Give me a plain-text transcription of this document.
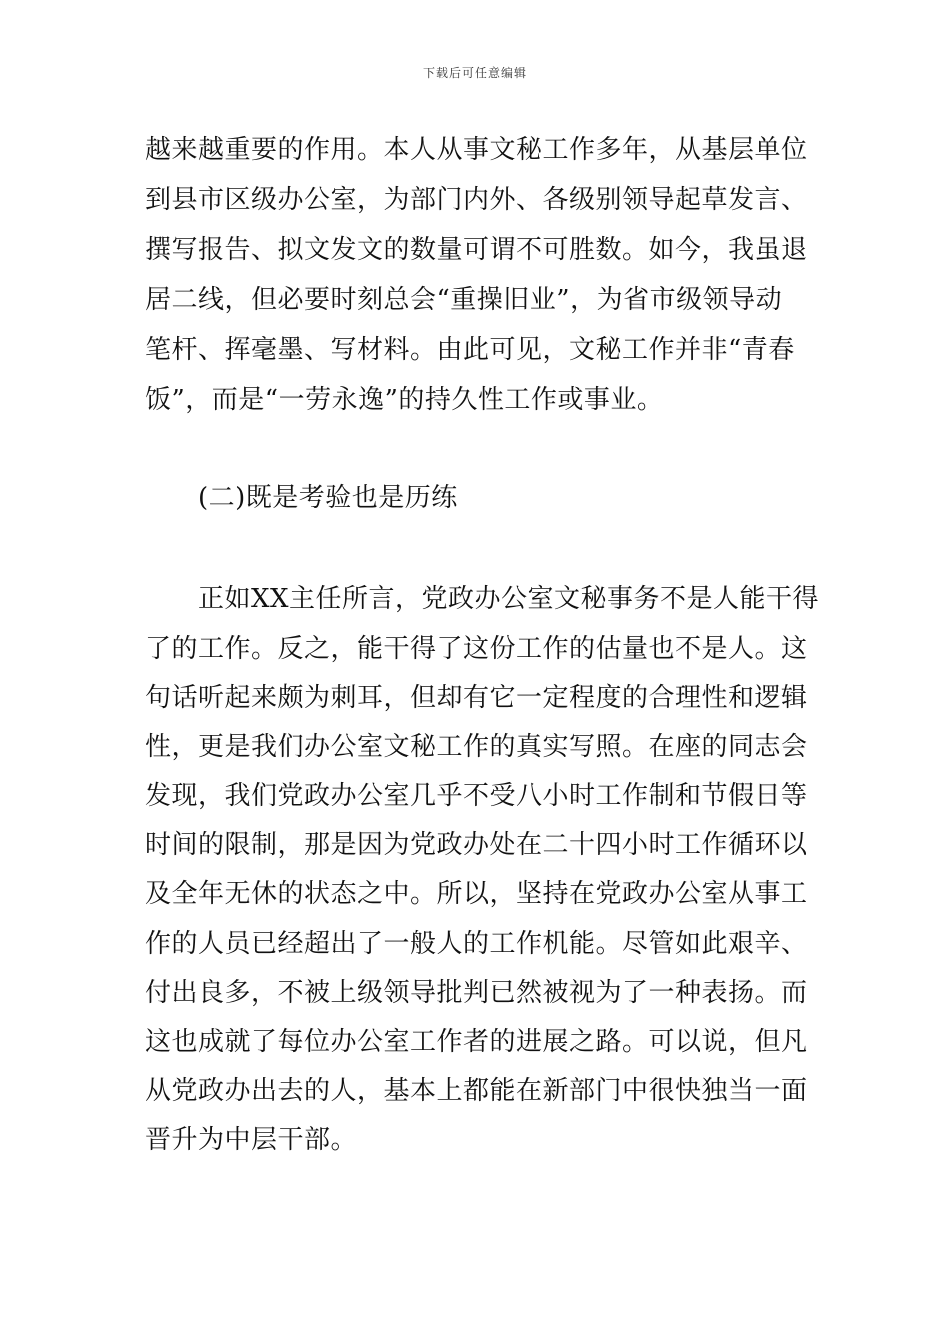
下载后可任意编辑
越来越重要的作用。本人从事文秘工作多年，从基层单位
到县市区级办公室，为部门内外、各级别领导起草发言、
撰写报告、拟文发文的数量可谓不可胜数。如今，我虽退
居二线，但必要时刻总会“重操旧业”，为省市级领导动
笔杆、挥毫墨、写材料。由此可见，文秘工作并非“青春
饭”，而是“一劳永逸”的持久性工作或事业。
(二)既是考验也是历练
正如XX主任所言，党政办公室文秘事务不是人能干得
了的工作。反之，能干得了这份工作的估量也不是人。这
句话听起来颇为刺耳，但却有它一定程度的合理性和逻辑
性，更是我们办公室文秘工作的真实写照。在座的同志会
发现，我们党政办公室几乎不受八小时工作制和节假日等
时间的限制，那是因为党政办处在二十四小时工作循环以
及全年无休的状态之中。所以，坚持在党政办公室从事工
作的人员已经超出了一般人的工作机能。尽管如此艰辛、
付出良多，不被上级领导批判已然被视为了一种表扬。而
这也成就了每位办公室工作者的进展之路。可以说，但凡
从党政办出去的人，基本上都能在新部门中很快独当一面
晋升为中层干部。
